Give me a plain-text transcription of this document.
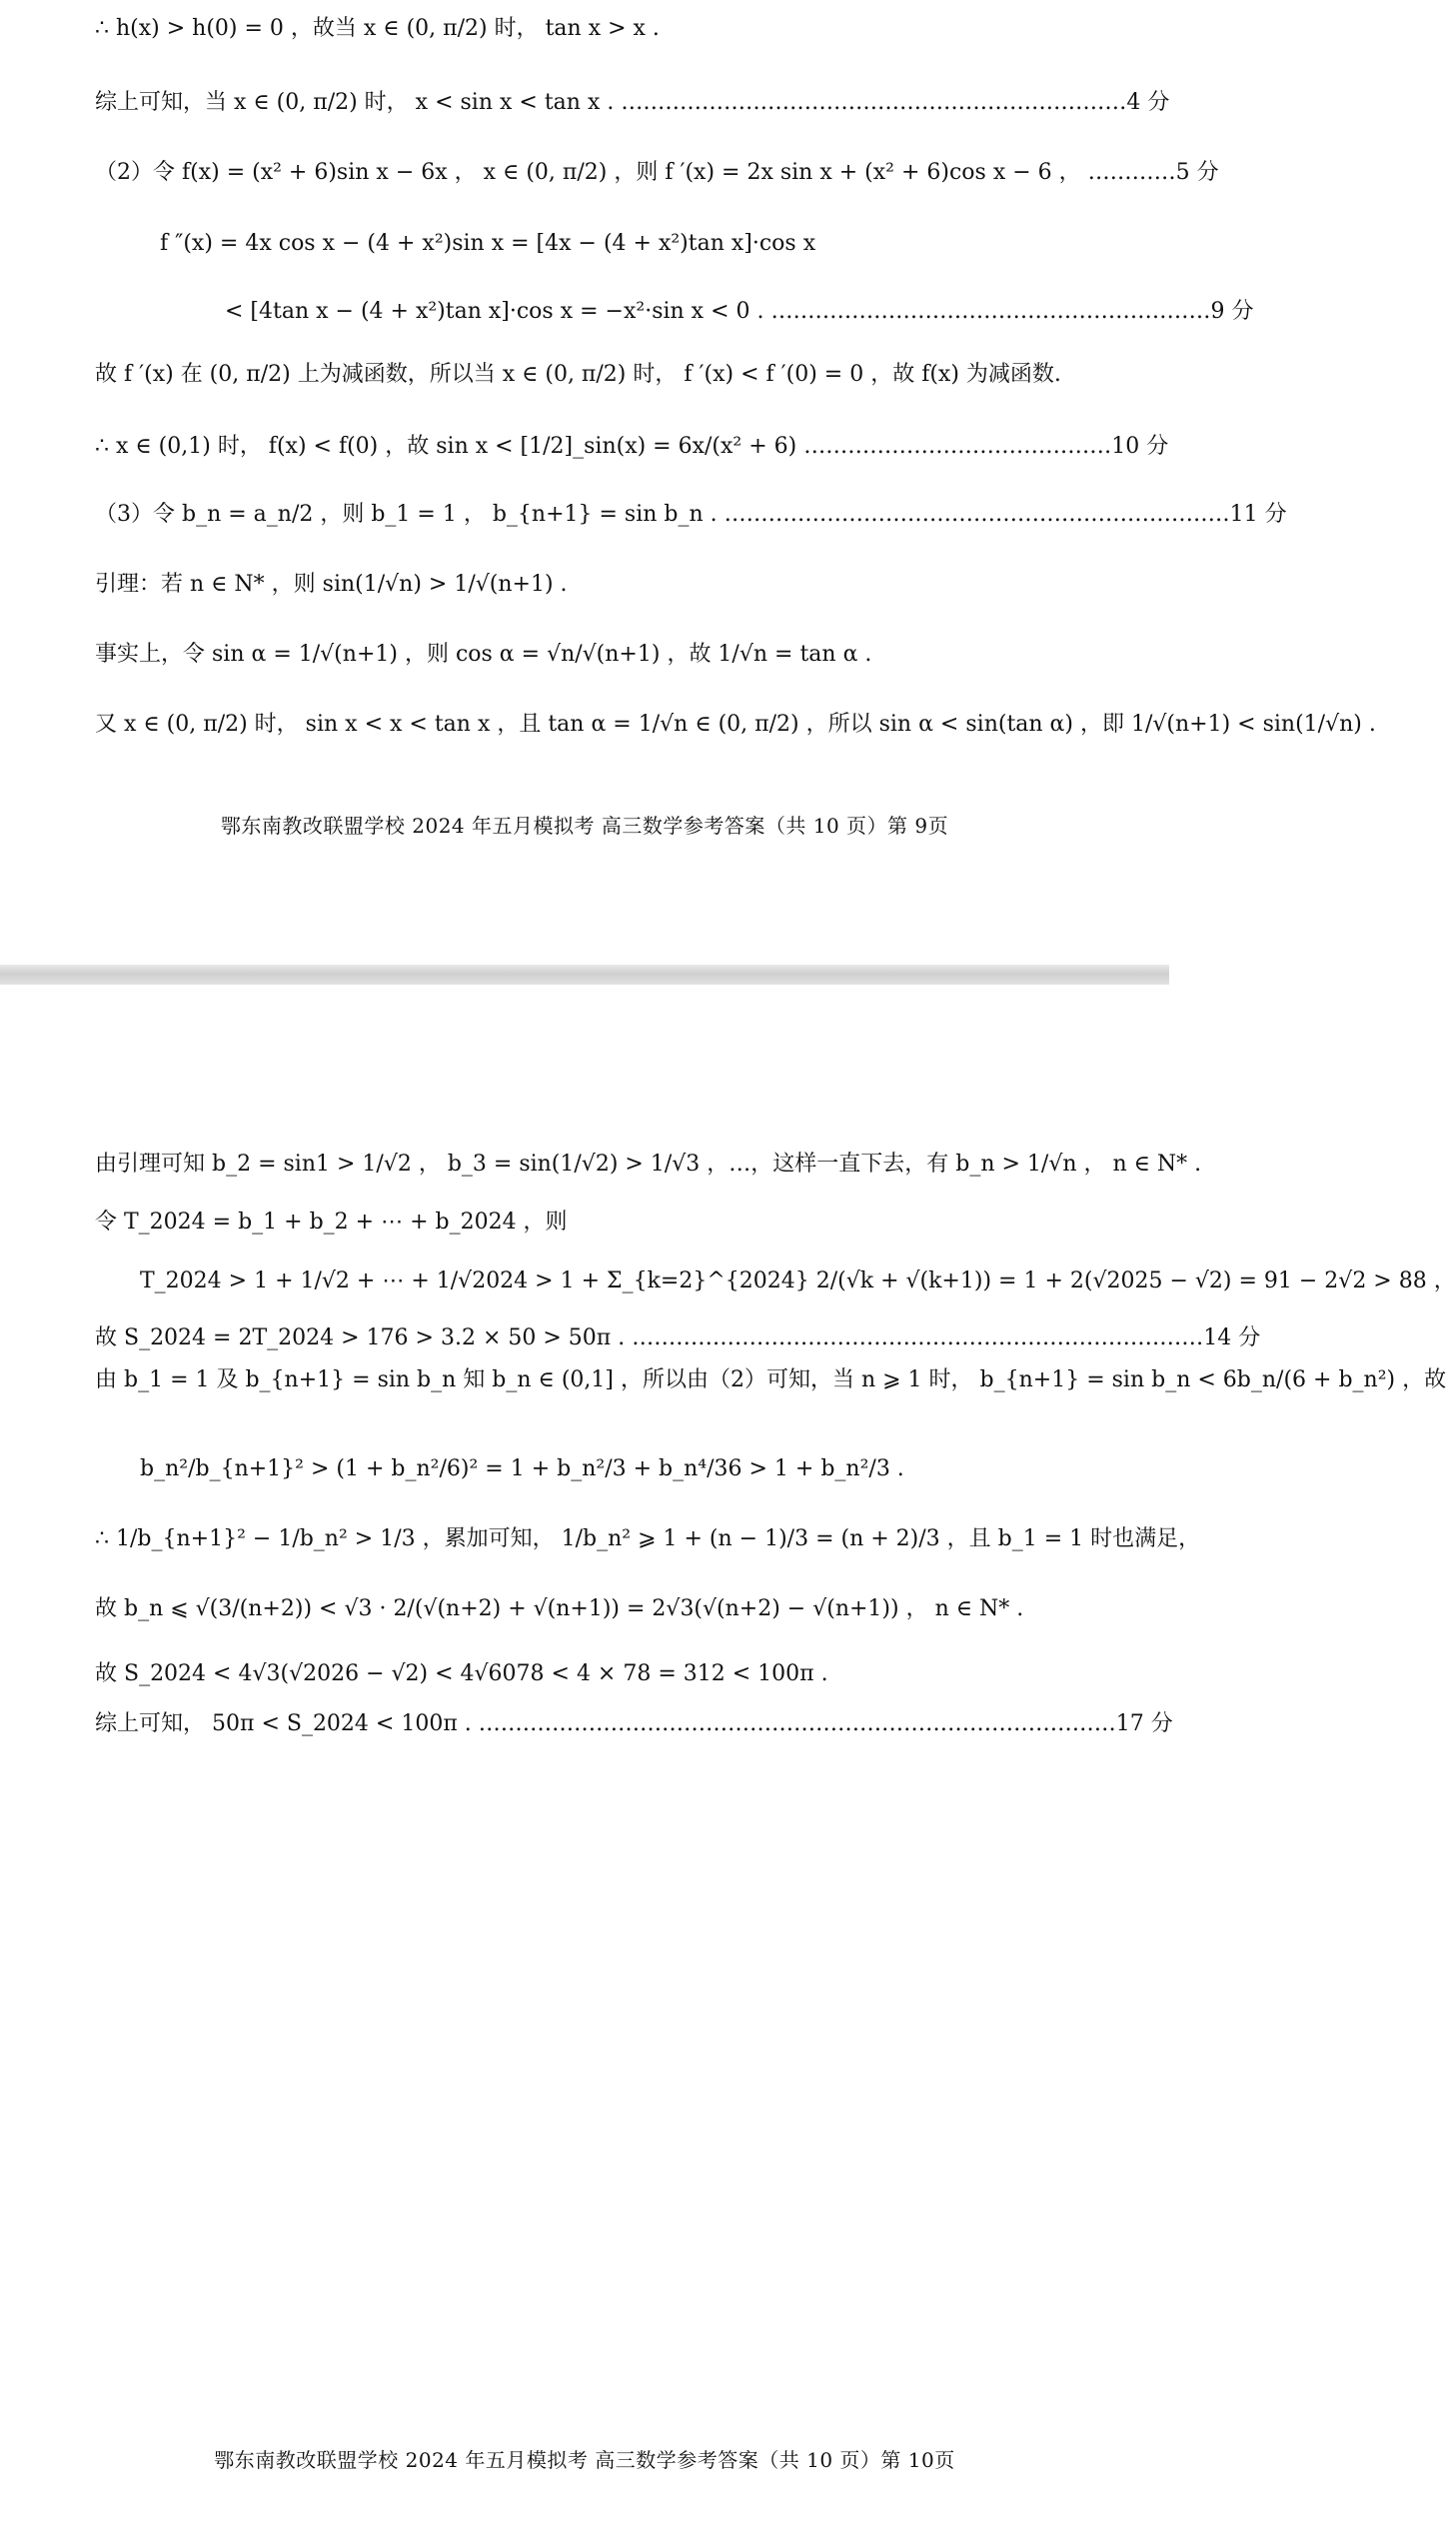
∴ h(x) > h(0) = 0 ，故当 x ∈ (0, π/2) 时， tan x > x .
综上可知，当 x ∈ (0, π/2) 时， x < sin x < tan x . ……………………………………………………………4 分
（2）令 f(x) = (x² + 6)sin x − 6x ， x ∈ (0, π/2) ，则 f ′(x) = 2x sin x + (x² + 6)cos x − 6 ， …………5 分
f ″(x) = 4x cos x − (4 + x²)sin x = [4x − (4 + x²)tan x]·cos x
< [4tan x − (4 + x²)tan x]·cos x = −x²·sin x < 0 . ……………………………………………………9 分
故 f ′(x) 在 (0, π/2) 上为减函数，所以当 x ∈ (0, π/2) 时， f ′(x) < f ′(0) = 0 ，故 f(x) 为减函数.
∴ x ∈ (0,1) 时， f(x) < f(0) ，故 sin x < [1/2]_sin(x) = 6x/(x² + 6) ……………………………………10 分
（3）令 b_n = a_n/2 ，则 b_1 = 1 ， b_{n+1} = sin b_n . ……………………………………………………………11 分
引理：若 n ∈ N* ，则 sin(1/√n) > 1/√(n+1) .
事实上，令 sin α = 1/√(n+1) ，则 cos α = √n/√(n+1) ，故 1/√n = tan α .
又 x ∈ (0, π/2) 时， sin x < x < tan x ，且 tan α = 1/√n ∈ (0, π/2) ，所以 sin α < sin(tan α) ，即 1/√(n+1) < sin(1/√n) .
鄂东南教改联盟学校 2024 年五月模拟考 高三数学参考答案（共 10 页）第 9页
由引理可知 b_2 = sin1 > 1/√2 ， b_3 = sin(1/√2) > 1/√3 ，…，这样一直下去，有 b_n > 1/√n ， n ∈ N* .
令 T_2024 = b_1 + b_2 + ⋯ + b_2024 ，则
T_2024 > 1 + 1/√2 + ⋯ + 1/√2024 > 1 + Σ_{k=2}^{2024} 2/(√k + √(k+1)) = 1 + 2(√2025 − √2) = 91 − 2√2 > 88 ，
故 S_2024 = 2T_2024 > 176 > 3.2 × 50 > 50π . ……………………………………………………………………14 分
由 b_1 = 1 及 b_{n+1} = sin b_n 知 b_n ∈ (0,1] ，所以由（2）可知，当 n ⩾ 1 时， b_{n+1} = sin b_n < 6b_n/(6 + b_n²) ，故
b_n²/b_{n+1}² > (1 + b_n²/6)² = 1 + b_n²/3 + b_n⁴/36 > 1 + b_n²/3 .
∴ 1/b_{n+1}² − 1/b_n² > 1/3 ，累加可知， 1/b_n² ⩾ 1 + (n − 1)/3 = (n + 2)/3 ，且 b_1 = 1 时也满足，
故 b_n ⩽ √(3/(n+2)) < √3 · 2/(√(n+2) + √(n+1)) = 2√3(√(n+2) − √(n+1)) ， n ∈ N* .
故 S_2024 < 4√3(√2026 − √2) < 4√6078 < 4 × 78 = 312 < 100π .
综上可知， 50π < S_2024 < 100π . ……………………………………………………………………………17 分
鄂东南教改联盟学校 2024 年五月模拟考 高三数学参考答案（共 10 页）第 10页
